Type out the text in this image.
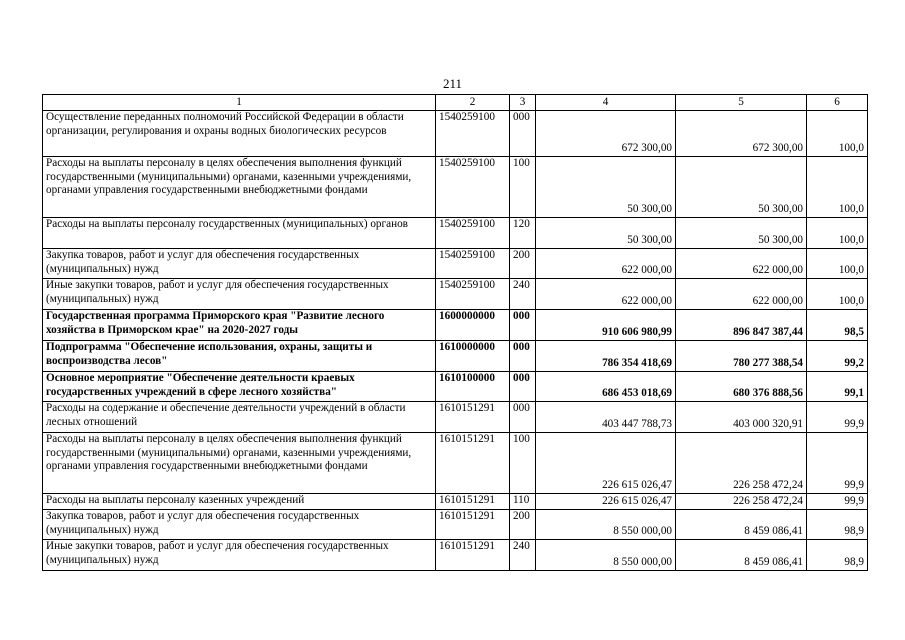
211
1	2	3	4	5	6
Осуществление переданных полномочий Российской Федерации в области организации, регулирования и охраны водных биологических ресурсов	1540259100	000	672 300,00	672 300,00	100,0
Расходы на выплаты персоналу в целях обеспечения выполнения функций государственными (муниципальными) органами, казенными учреждениями, органами управления государственными внебюджетными фондами	1540259100	100	50 300,00	50 300,00	100,0
Расходы на выплаты персоналу государственных (муниципальных) органов	1540259100	120	50 300,00	50 300,00	100,0
Закупка товаров, работ и услуг для обеспечения государственных (муниципальных) нужд	1540259100	200	622 000,00	622 000,00	100,0
Иные закупки товаров, работ и услуг для обеспечения государственных (муниципальных) нужд	1540259100	240	622 000,00	622 000,00	100,0
Государственная программа Приморского края "Развитие лесного хозяйства в Приморском крае" на 2020-2027 годы	1600000000	000	910 606 980,99	896 847 387,44	98,5
Подпрограмма "Обеспечение использования, охраны, защиты и воспроизводства лесов"	1610000000	000	786 354 418,69	780 277 388,54	99,2
Основное мероприятие "Обеспечение деятельности краевых государственных учреждений в сфере лесного хозяйства"	1610100000	000	686 453 018,69	680 376 888,56	99,1
Расходы на содержание и обеспечение деятельности учреждений в области лесных отношений	1610151291	000	403 447 788,73	403 000 320,91	99,9
Расходы на выплаты персоналу в целях обеспечения выполнения функций государственными (муниципальными) органами, казенными учреждениями, органами управления государственными внебюджетными фондами	1610151291	100	226 615 026,47	226 258 472,24	99,9
Расходы на выплаты персоналу казенных учреждений	1610151291	110	226 615 026,47	226 258 472,24	99,9
Закупка товаров, работ и услуг для обеспечения государственных (муниципальных) нужд	1610151291	200	8 550 000,00	8 459 086,41	98,9
Иные закупки товаров, работ и услуг для обеспечения государственных (муниципальных) нужд	1610151291	240	8 550 000,00	8 459 086,41	98,9
